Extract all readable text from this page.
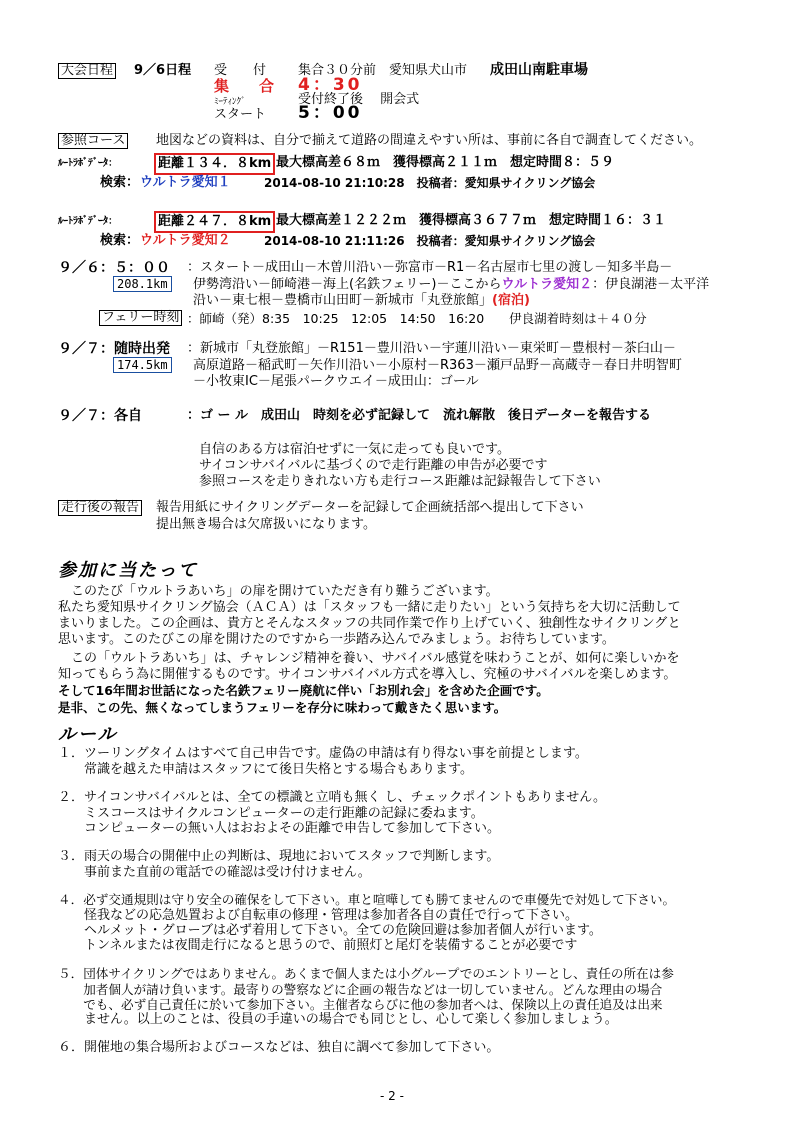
大会日程 9／6日程 受　　付 集合３０分前　愛知県犬山市 成田山南駐車場
集　　合 4：30
ﾐｰﾃｨﾝｸﾞ	受付終了後　 開会式
スタート 5：00
参照コース 地図などの資料は、自分で揃えて道路の間違えやすい所は、事前に各自で調査してください。
ﾙｰﾄﾗﾎﾞﾃﾞｰﾀ：	距離１３４．８km 最大標高差６８ｍ　獲得標高２１１ｍ　想定時間８：５９
検索： ウルトラ愛知１	2014-08-10 21:10:28　投稿者：愛知県サイクリング協会
ﾙｰﾄﾗﾎﾞﾃﾞｰﾀ：	距離２４７．８km 最大標高差１２２２ｍ　獲得標高３６７７ｍ　想定時間１６：３１
検索： ウルトラ愛知２	2014-08-10 21:11:26　投稿者：愛知県サイクリング協会
９／６：５：００ ：スタート－成田山－木曽川沿い－弥富市－R1－名古屋市七里の渡し－知多半島－
208.1km	伊勢湾沿い－師崎港－海上(名鉄フェリー)－ここからウルトラ愛知２：伊良湖港－太平洋
沿い－東七根－豊橋市山田町－新城市「丸登旅館」(宿泊)
フェリー時刻 ：師崎（発）8:35　10:25　12:05　14:50　16:20　　伊良湖着時刻は＋４０分
９／７：随時出発 ：新城市「丸登旅館」－R151－豊川沿い－宇蓮川沿い－東栄町－豊根村－茶臼山－
174.5km	高原道路－稲武町－矢作川沿い－小原村－R363－瀬戸品野－高蔵寺－春日井明智町
－小牧東IC－尾張パークウエイ－成田山：ゴール
９／７：各自	：ゴ ー ル　成田山　時刻を必ず記録して　流れ解散　後日データーを報告する
自信のある方は宿泊せずに一気に走っても良いです。
サイコンサバイバルに基づくので走行距離の申告が必要です
参照コースを走りきれない方も走行コース距離は記録報告して下さい
走行後の報告 報告用紙にサイクリングデーターを記録して企画統括部へ提出して下さい
提出無き場合は欠席扱いになります。
参加に当たって
　このたび「ウルトラあいち」の扉を開けていただき有り難うございます。
私たち愛知県サイクリング協会（ＡＣＡ）は「スタッフも一緒に走りたい」という気持ちを大切に活動して
まいりました。この企画は、貴方とそんなスタッフの共同作業で作り上げていく、独創性なサイクリングと
思います。このたびこの扉を開けたのですから一歩踏み込んでみましょう。お待ちしています。
　この「ウルトラあいち」は、チャレンジ精神を養い、サバイバル感覚を味わうことが、如何に楽しいかを
知ってもらう為に開催するものです。サイコンサバイバル方式を導入し、究極のサバイバルを楽しめます。
そして16年間お世話になった名鉄フェリー廃航に伴い「お別れ会」を含めた企画です。
是非、この先、無くなってしまうフェリーを存分に味わって戴きたく思います。
ルール
１．ツーリングタイムはすべて自己申告です。虚偽の申請は有り得ない事を前提とします。
　　常識を越えた申請はスタッフにて後日失格とする場合もあります。
２．サイコンサバイバルとは、全ての標識と立哨も無く し、チェックポイントもありません。
　　ミスコースはサイクルコンピューターの走行距離の記録に委ねます。
　　コンピューターの無い人はおおよその距離で申告して参加して下さい。
３．雨天の場合の開催中止の判断は、現地においてスタッフで判断します。
　　事前また直前の電話での確認は受け付けません。
４．必ず交通規則は守り安全の確保をして下さい。車と喧嘩しても勝てませんので車優先で対処して下さい。
　　怪我などの応急処置および自転車の修理・管理は参加者各自の責任で行って下さい。
　　ヘルメット・グローブは必ず着用して下さい。全ての危険回避は参加者個人が行います。
　　トンネルまたは夜間走行になると思うので、前照灯と尾灯を装備することが必要です
５．団体サイクリングではありません。あくまで個人または小グループでのエントリーとし、責任の所在は参
　　加者個人が請け負います。最寄りの警察などに企画の報告などは一切していません。どんな理由の場合
　　でも、必ず自己責任に於いて参加下さい。主催者ならびに他の参加者へは、保険以上の責任追及は出来
　　ません。以上のことは、役員の手違いの場合でも同じとし、心して楽しく参加しましょう。
６．開催地の集合場所およびコースなどは、独自に調べて参加して下さい。
- 2 -
